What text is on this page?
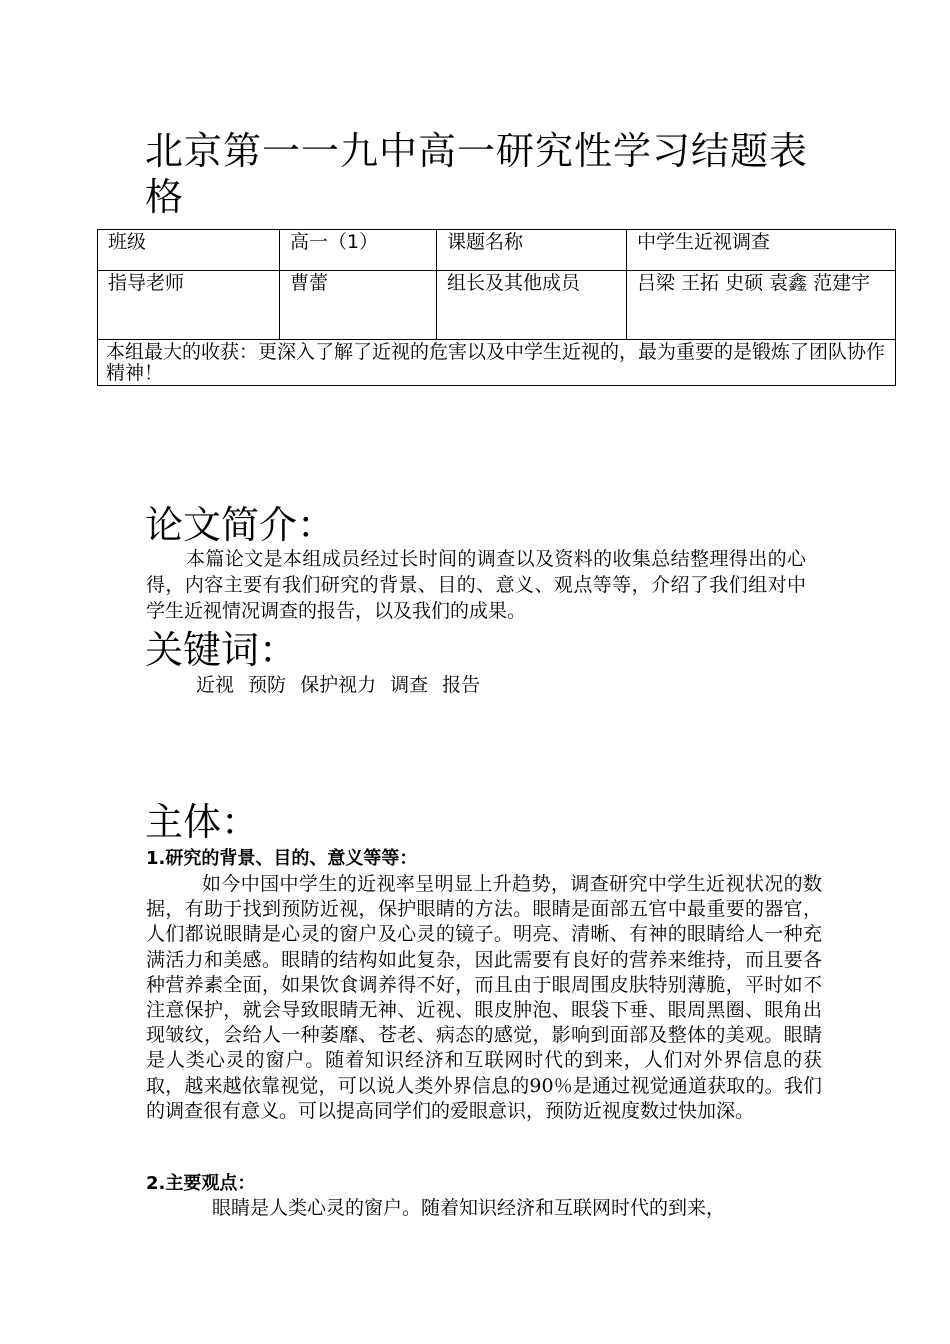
北京第一一九中高一研究性学习结题表格
班级	高一（1）	课题名称	中学生近视调查
指导老师	曹蕾	组长及其他成员	吕梁 王拓 史硕 袁鑫 范建宇
本组最大的收获：更深入了解了近视的危害以及中学生近视的，最为重要的是锻炼了团队协作精神！			
论文简介：

本篇论文是本组成员经过长时间的调查以及资料的收集总结整理得出的心得，内容主要有我们研究的背景、目的、意义、观点等等，介绍了我们组对中学生近视情况调查的报告，以及我们的成果。

关键词：

近视 预防 保护视力 调查 报告

主体：
1.研究的背景、目的、意义等等：

如今中国中学生的近视率呈明显上升趋势，调查研究中学生近视状况的数据，有助于找到预防近视，保护眼睛的方法。眼睛是面部五官中最重要的器官，人们都说眼睛是心灵的窗户及心灵的镜子。明亮、清晰、有神的眼睛给人一种充满活力和美感。眼睛的结构如此复杂，因此需要有良好的营养来维持，而且要各种营养素全面，如果饮食调养得不好，而且由于眼周围皮肤特别薄脆，平时如不注意保护，就会导致眼睛无神、近视、眼皮肿泡、眼袋下垂、眼周黑圈、眼角出现皱纹，会给人一种萎靡、苍老、病态的感觉，影响到面部及整体的美观。眼睛是人类心灵的窗户。随着知识经济和互联网时代的到来，人们对外界信息的获取，越来越依靠视觉，可以说人类外界信息的90％是通过视觉通道获取的。我们的调查很有意义。可以提高同学们的爱眼意识，预防近视度数过快加深。

2.主要观点：

眼睛是人类心灵的窗户。随着知识经济和互联网时代的到来，
